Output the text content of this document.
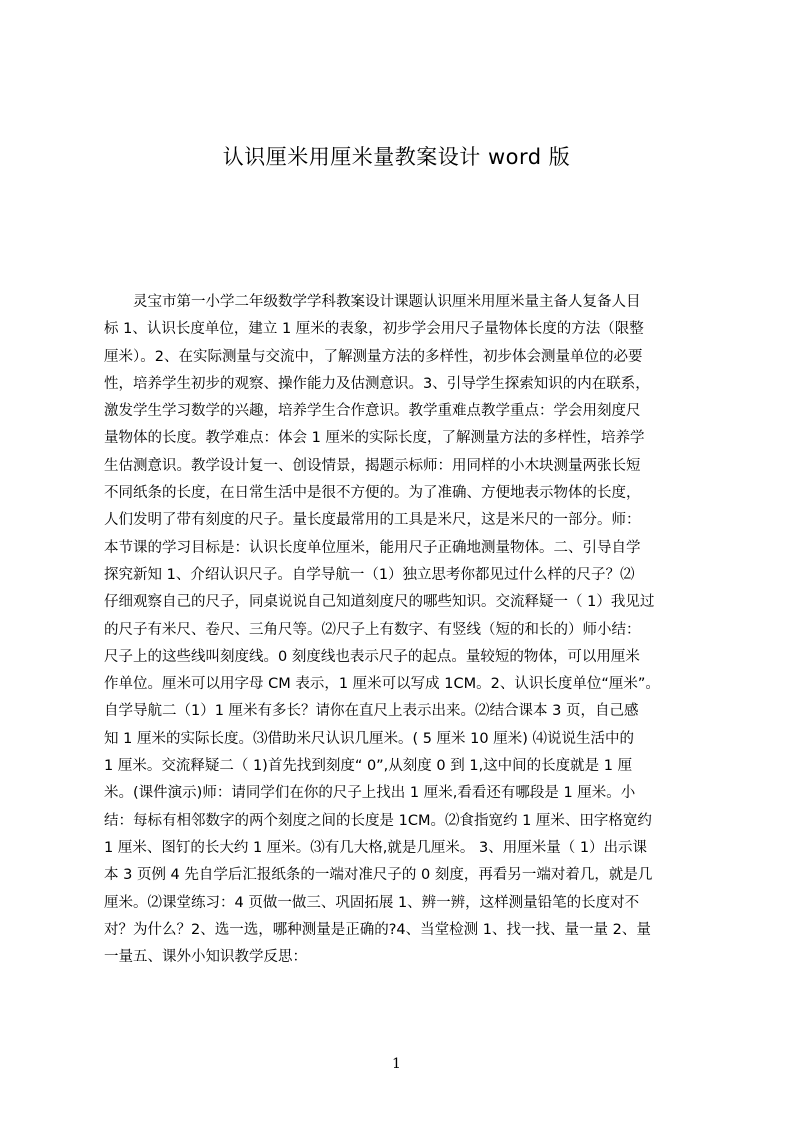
认识厘米用厘米量教案设计 word 版
　　灵宝市第一小学二年级数学学科教案设计课题认识厘米用厘米量主备人复备人目
标 1、认识长度单位，建立 1 厘米的表象，初步学会用尺子量物体长度的方法（限整
厘米）。2、在实际测量与交流中，了解测量方法的多样性，初步体会测量单位的必要
性，培养学生初步的观察、操作能力及估测意识。3、引导学生探索知识的内在联系，
激发学生学习数学的兴趣，培养学生合作意识。教学重难点教学重点：学会用刻度尺
量物体的长度。教学难点：体会 1 厘米的实际长度，了解测量方法的多样性，培养学
生估测意识。教学设计复一、创设情景，揭题示标师：用同样的小木块测量两张长短
不同纸条的长度，在日常生活中是很不方便的。为了准确、方便地表示物体的长度，
人们发明了带有刻度的尺子。量长度最常用的工具是米尺，这是米尺的一部分。师：
本节课的学习目标是：认识长度单位厘米，能用尺子正确地测量物体。二、引导自学
探究新知 1、介绍认识尺子。自学导航一（1）独立思考你都见过什么样的尺子？⑵
仔细观察自己的尺子，同桌说说自己知道刻度尺的哪些知识。交流释疑一（ 1）我见过
的尺子有米尺、卷尺、三角尺等。⑵尺子上有数字、有竖线（短的和长的）师小结：
尺子上的这些线叫刻度线。0 刻度线也表示尺子的起点。量较短的物体，可以用厘米
作单位。厘米可以用字母 CM 表示，1 厘米可以写成 1CM。2、认识长度单位“厘米”。
自学导航二（1）1 厘米有多长？请你在直尺上表示出来。⑵结合课本 3 页，自己感
知 1 厘米的实际长度。⑶借助米尺认识几厘米。( 5 厘米 10 厘米) ⑷说说生活中的
1 厘米。交流释疑二（ 1)首先找到刻度“ 0”,从刻度 0 到 1,这中间的长度就是 1 厘
米。(课件演示)师：请同学们在你的尺子上找出 1 厘米,看看还有哪段是 1 厘米。小
结：每标有相邻数字的两个刻度之间的长度是 1CM。⑵食指宽约 1 厘米、田字格宽约
1 厘米、图钉的长大约 1 厘米。⑶有几大格,就是几厘米。 3、用厘米量（ 1）出示课
本 3 页例 4 先自学后汇报纸条的一端对准尺子的 0 刻度，再看另一端对着几，就是几
厘米。⑵课堂练习：4 页做一做三、巩固拓展 1、辨一辨，这样测量铅笔的长度对不
对？为什么？2、选一选，哪种测量是正确的?4、当堂检测 1、找一找、量一量 2、量
一量五、课外小知识教学反思：
1
